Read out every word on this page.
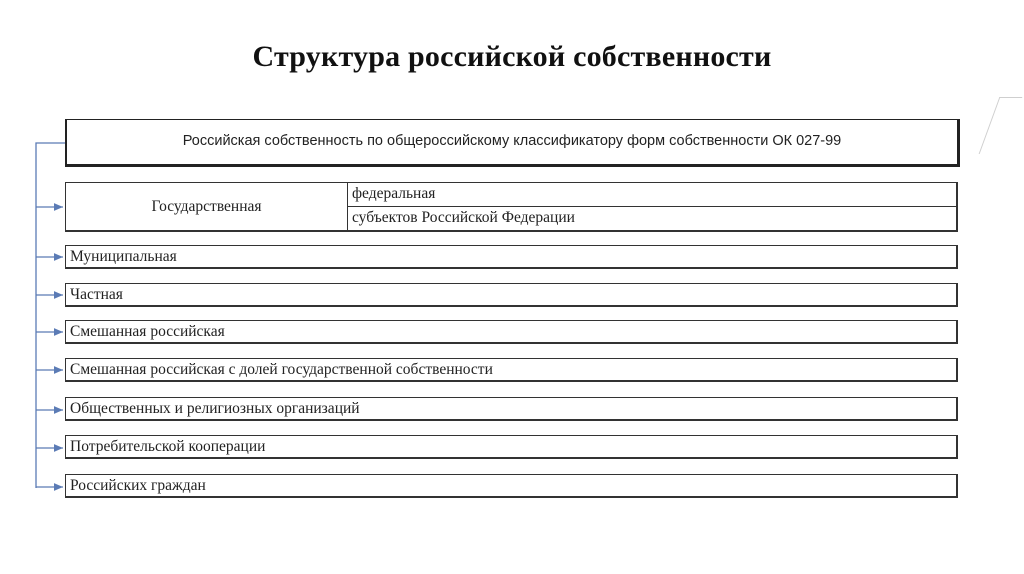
Структура российской собственности
Российская собственность по общероссийскому классификатору форм собственности ОК 027-99
Государственная
федеральная
субъектов Российской Федерации
Муниципальная
Частная
Смешанная российская
Смешанная российская с долей государственной собственности
Общественных и религиозных организаций
Потребительской кооперации
Российских граждан
